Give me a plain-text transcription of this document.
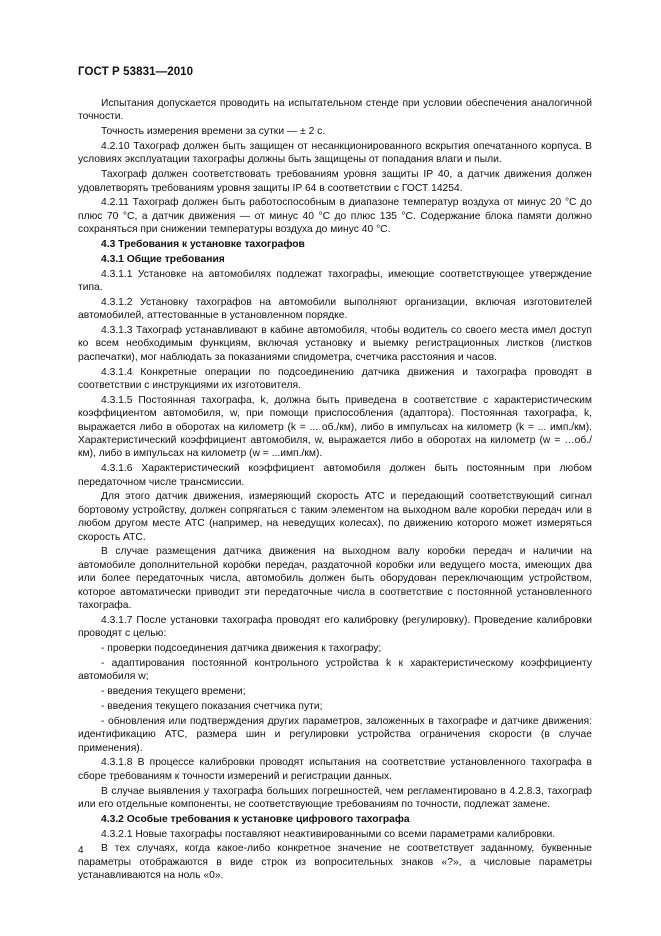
ГОСТ Р 53831—2010

Испытания допускается проводить на испытательном стенде при условии обеспечения аналогичной точности.

Точность измерения времени за сутки — ± 2 с.

4.2.10 Тахограф должен быть защищен от несанкционированного вскрытия опечатанного корпуса. В условиях эксплуатации тахографы должны быть защищены от попадания влаги и пыли.

Тахограф должен соответствовать требованиям уровня защиты IP 40, а датчик движения должен удовлетворять требованиям уровня защиты IP 64 в соответствии с ГОСТ 14254.

4.2.11 Тахограф должен быть работоспособным в диапазоне температур воздуха от минус 20 °С до плюс 70 °С, а датчик движения — от минус 40 °С до плюс 135 °С. Содержание блока памяти должно сохраняться при снижении температуры воздуха до минус 40 °С.

4.3 Требования к установке тахографов

4.3.1 Общие требования

4.3.1.1 Установке на автомобилях подлежат тахографы, имеющие соответствующее утверждение типа.

4.3.1.2 Установку тахографов на автомобили выполняют организации, включая изготовителей автомобилей, аттестованные в установленном порядке.

4.3.1.3 Тахограф устанавливают в кабине автомобиля, чтобы водитель со своего места имел доступ ко всем необходимым функциям, включая установку и выемку регистрационных листков (листков распечатки), мог наблюдать за показаниями спидометра, счетчика расстояния и часов.

4.3.1.4 Конкретные операции по подсоединению датчика движения и тахографа проводят в соответствии с инструкциями их изготовителя.

4.3.1.5 Постоянная тахографа, k, должна быть приведена в соответствие с характеристическим коэффициентом автомобиля, w, при помощи приспособления (адаптора). Постоянная тахографа, k, выражается либо в оборотах на километр (k = ... об./км), либо в импульсах на километр (k = ... имп./км). Характеристический коэффициент автомобиля, w, выражается либо в оборотах на километр (w = …об./км), либо в импульсах на километр (w = ...имп./км).

4.3.1.6 Характеристический коэффициент автомобиля должен быть постоянным при любом передаточном числе трансмиссии.

Для этого датчик движения, измеряющий скорость АТС и передающий соответствующий сигнал бортовому устройству, должен сопрягаться с таким элементом на выходном вале коробки передач или в любом другом месте АТС (например, на неведущих колесах), по движению которого может измеряться скорость АТС.

В случае размещения датчика движения на выходном валу коробки передач и наличии на автомобиле дополнительной коробки передач, раздаточной коробки или ведущего моста, имеющих два или более передаточных числа, автомобиль должен быть оборудован переключающим устройством, которое автоматически приводит эти передаточные числа в соответствие с постоянной установленного тахографа.

4.3.1.7 После установки тахографа проводят его калибровку (регулировку). Проведение калибровки проводят с целью:

- проверки подсоединения датчика движения к тахографу;

- адаптирования постоянной контрольного устройства k к характеристическому коэффициенту автомобиля w;

- введения текущего времени;

- введения текущего показания счетчика пути;

- обновления или подтверждения других параметров, заложенных в тахографе и датчике движения: идентификацию АТС, размера шин и регулировки устройства ограничения скорости (в случае применения).

4.3.1.8 В процессе калибровки проводят испытания на соответствие установленного тахографа в сборе требованиям к точности измерений и регистрации данных.

В случае выявления у тахографа больших погрешностей, чем регламентировано в 4.2.8.3, тахограф или его отдельные компоненты, не соответствующие требованиям по точности, подлежат замене.

4.3.2 Особые требования к установке цифрового тахографа

4.3.2.1 Новые тахографы поставляют неактивированными со всеми параметрами калибровки.

В тех случаях, когда какое-либо конкретное значение не соответствует заданному, буквенные параметры отображаются в виде строк из вопросительных знаков «?», а числовые параметры устанавливаются на ноль «0».

4
